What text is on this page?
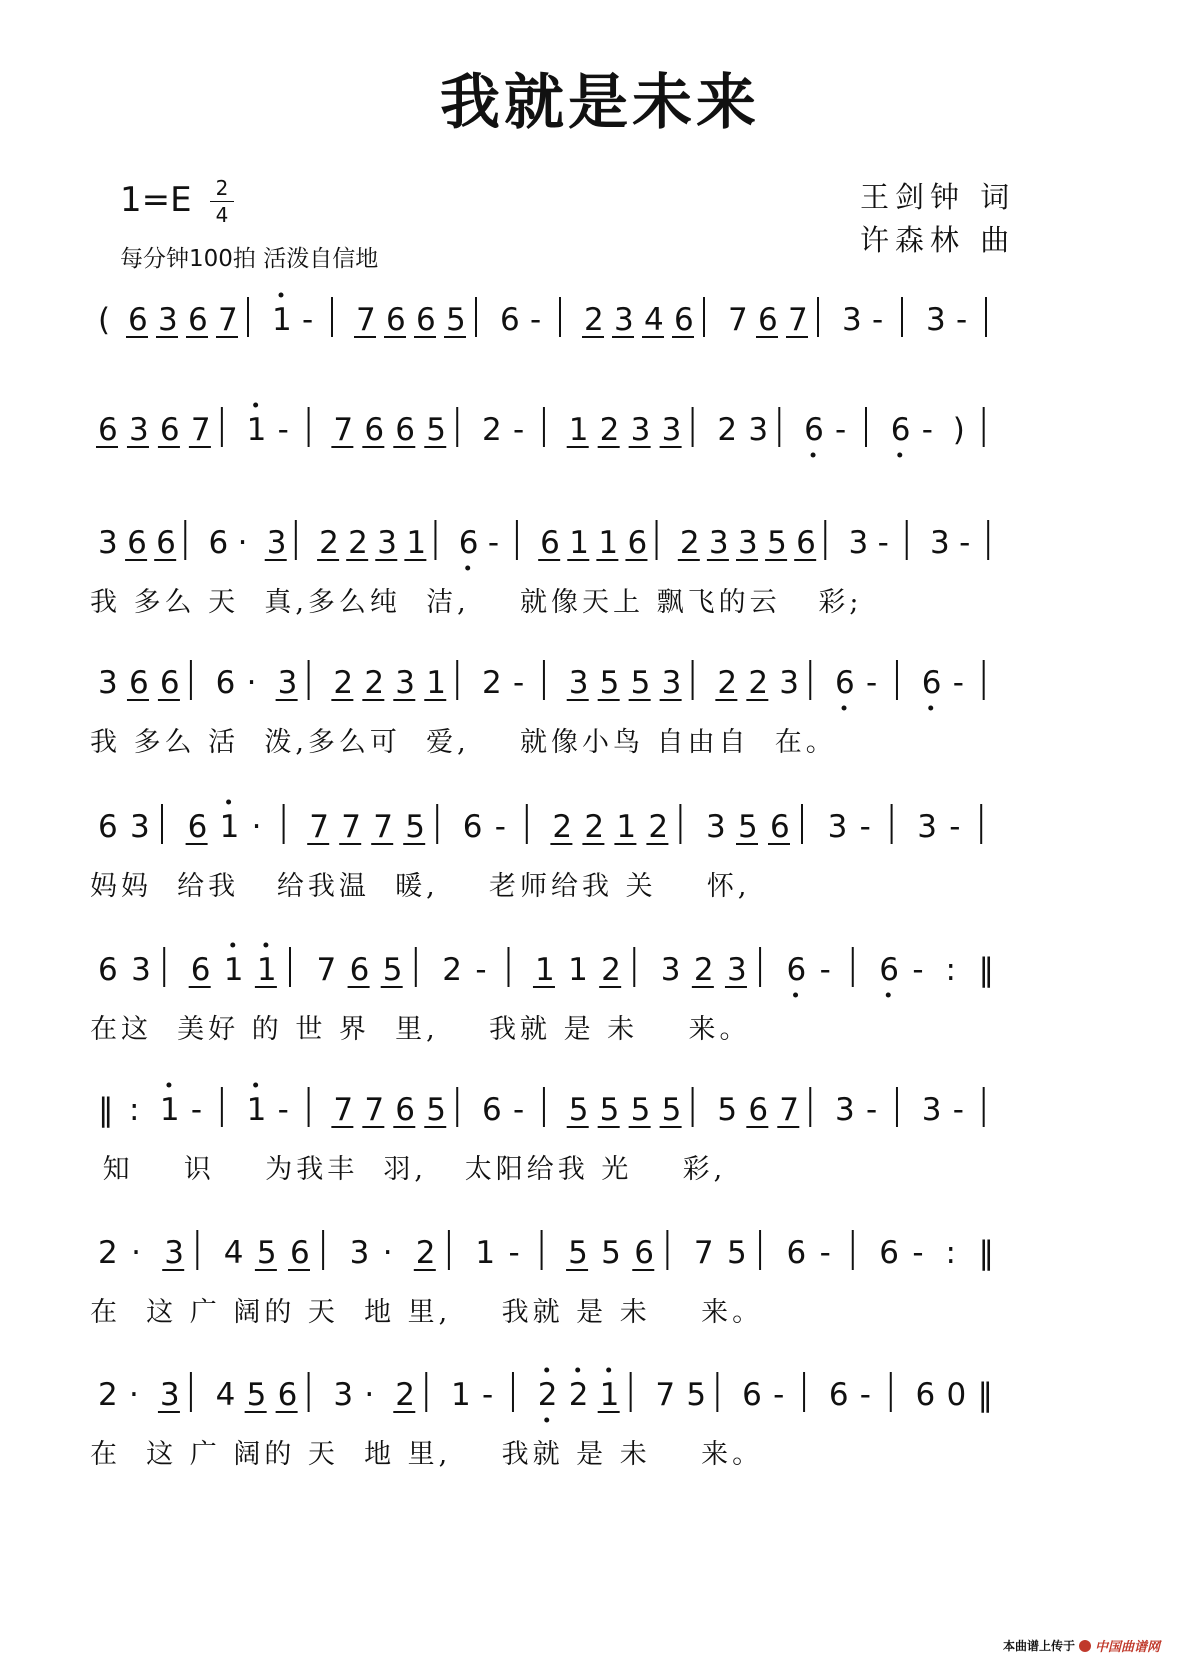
我就是未来
1=E 2
4
每分钟100拍 活泼自信地
王剑钟 词
许森林 曲
( 6 3 6 7 1 - 7 6 6 5 6 - 2 3 4 6 7 6 7 3 - 3 -
6 3 6 7 1 - 7 6 6 5 2 - 1 2 3 3 2 3 6 - 6 - )
3 6 6 6 · 3 2 2 3 1 6 - 6 1 1 6 2 3 3 5 6 3 - 3 -
我 多么 天  真,多么纯  洁,    就像天上 飘飞的云   彩;
3 6 6 6 · 3 2 2 3 1 2 - 3 5 5 3 2 2 3 6 - 6 -
我 多么 活  泼,多么可  爱,    就像小鸟 自由自  在。
6 3 6 1 · 7 7 7 5 6 - 2 2 1 2 3 5 6 3 - 3 -
妈妈  给我   给我温  暖,    老师给我 关    怀,
6 3 6 1 1 7 6 5 2 - 1 1 2 3 2 3 6 - 6 - : ‖
在这  美好 的 世 界  里,    我就 是 未    来。
‖ : 1 - 1 - 7 7 6 5 6 - 5 5 5 5 5 6 7 3 - 3 -
知    识    为我丰  羽,   太阳给我 光    彩,
2 · 3 4 5 6 3 · 2 1 - 5 5 6 7 5 6 - 6 - : ‖
在  这 广 阔的 天  地 里,    我就 是 未    来。
2 · 3 4 5 6 3 · 2 1 - 2 2 1 7 5 6 - 6 - 6 0 ‖
在  这 广 阔的 天  地 里,    我就 是 未    来。
本曲谱上传于 中国曲谱网
